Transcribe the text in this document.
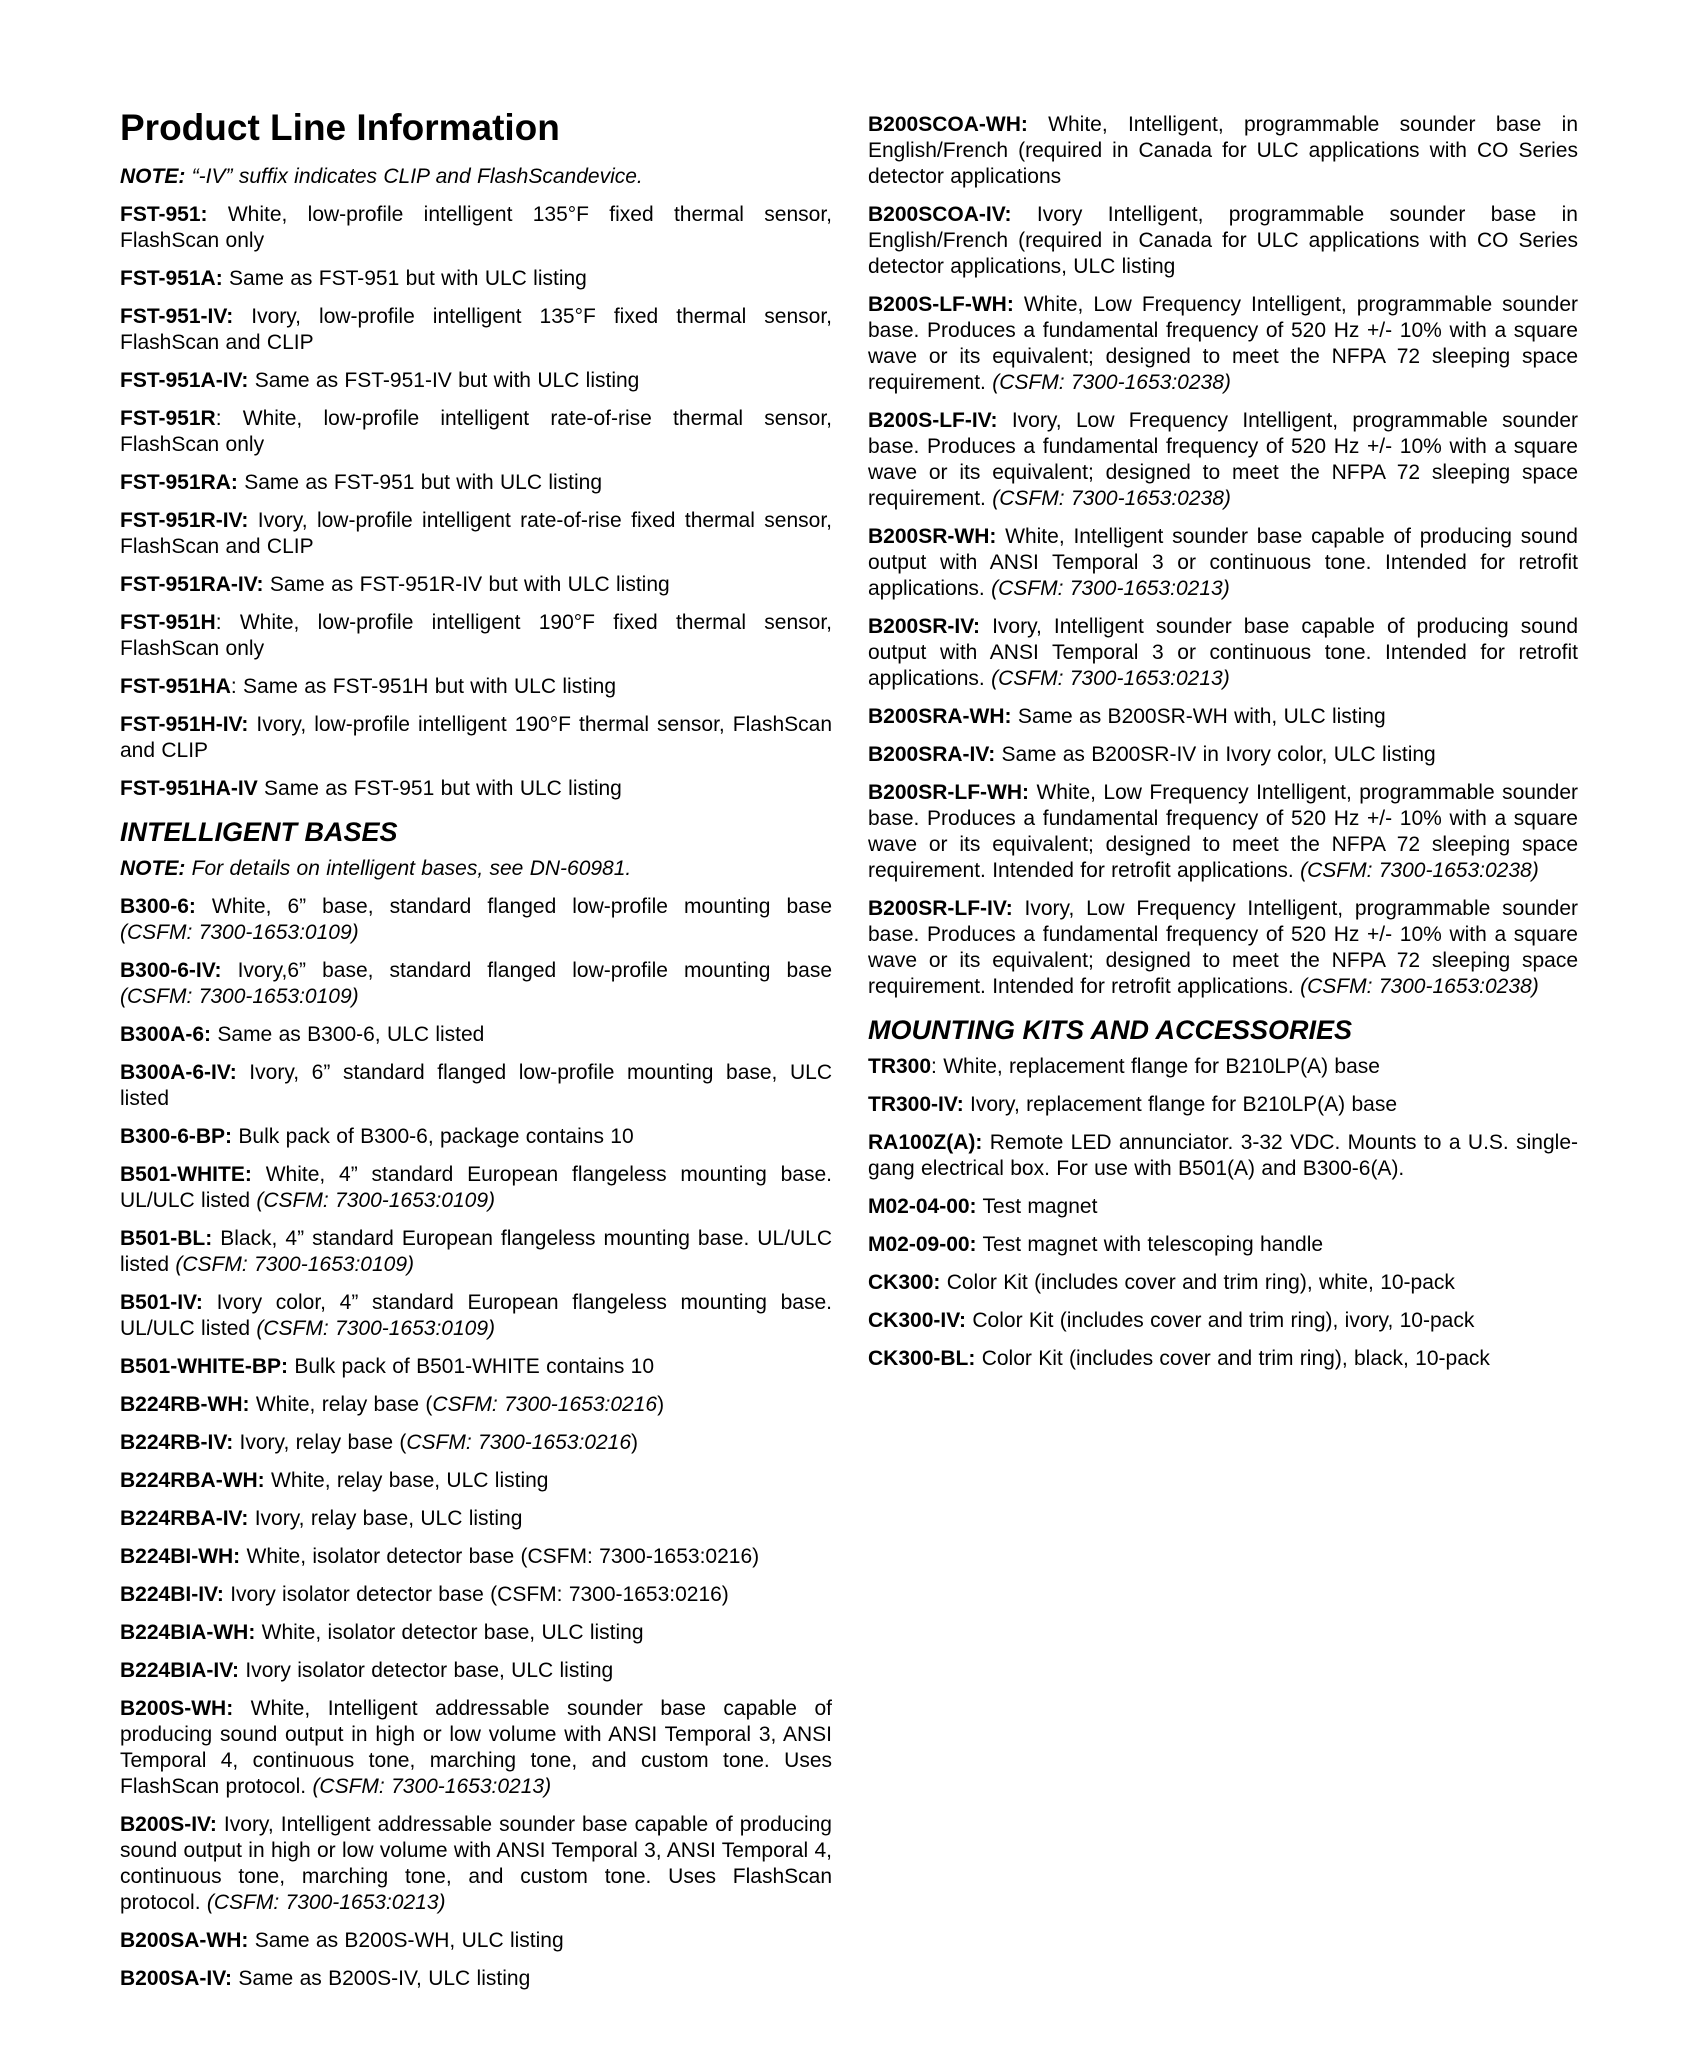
Product Line Information

NOTE: “-IV” suffix indicates CLIP and FlashScandevice.

FST-951: White, low-profile intelligent 135°F fixed thermal sensor, FlashScan only

FST-951A: Same as FST-951 but with ULC listing

FST-951-IV: Ivory, low-profile intelligent 135°F fixed thermal sensor, FlashScan and CLIP

FST-951A-IV: Same as FST-951-IV but with ULC listing

FST-951R: White, low-profile intelligent rate-of-rise thermal sensor, FlashScan only

FST-951RA: Same as FST-951 but with ULC listing

FST-951R-IV: Ivory, low-profile intelligent rate-of-rise fixed thermal sensor, FlashScan and CLIP

FST-951RA-IV: Same as FST-951R-IV but with ULC listing

FST-951H: White, low-profile intelligent 190°F fixed thermal sensor, FlashScan only

FST-951HA: Same as FST-951H but with ULC listing

FST-951H-IV: Ivory, low-profile intelligent 190°F thermal sensor, FlashScan and CLIP

FST-951HA-IV Same as FST-951 but with ULC listing

INTELLIGENT BASES

NOTE: For details on intelligent bases, see DN-60981.

B300-6: White, 6” base, standard flanged low-profile mounting base (CSFM: 7300-1653:0109)

B300-6-IV: Ivory,6” base, standard flanged low-profile mounting base (CSFM: 7300-1653:0109)

B300A-6: Same as B300-6, ULC listed

B300A-6-IV: Ivory, 6” standard flanged low-profile mounting base, ULC listed

B300-6-BP: Bulk pack of B300-6, package contains 10

B501-WHITE: White, 4” standard European flangeless mounting base. UL/ULC listed (CSFM: 7300-1653:0109)

B501-BL: Black, 4” standard European flangeless mounting base. UL/ULC listed (CSFM: 7300-1653:0109)

B501-IV: Ivory color, 4” standard European flangeless mounting base. UL/ULC listed (CSFM: 7300-1653:0109)

B501-WHITE-BP: Bulk pack of B501-WHITE contains 10

B224RB-WH: White, relay base (CSFM: 7300-1653:0216)

B224RB-IV: Ivory, relay base (CSFM: 7300-1653:0216)

B224RBA-WH: White, relay base, ULC listing

B224RBA-IV: Ivory, relay base, ULC listing

B224BI-WH: White, isolator detector base (CSFM: 7300-1653:0216)

B224BI-IV: Ivory isolator detector base (CSFM: 7300-1653:0216)

B224BIA-WH: White, isolator detector base, ULC listing

B224BIA-IV: Ivory isolator detector base, ULC listing

B200S-WH: White, Intelligent addressable sounder base capable of producing sound output in high or low volume with ANSI Temporal 3, ANSI Temporal 4, continuous tone, marching tone, and custom tone. Uses FlashScan protocol. (CSFM: 7300-1653:0213)

B200S-IV: Ivory, Intelligent addressable sounder base capable of producing sound output in high or low volume with ANSI Temporal 3, ANSI Temporal 4, continuous tone, marching tone, and custom tone. Uses FlashScan protocol. (CSFM: 7300-1653:0213)

B200SA-WH: Same as B200S-WH, ULC listing

B200SA-IV: Same as B200S-IV, ULC listing

B200SCOA-WH: White, Intelligent, programmable sounder base in English/French (required in Canada for ULC applications with CO Series detector applications

B200SCOA-IV: Ivory Intelligent, programmable sounder base in English/French (required in Canada for ULC applications with CO Series detector applications, ULC listing

B200S-LF-WH: White, Low Frequency Intelligent, programmable sounder base. Produces a fundamental frequency of 520 Hz +/- 10% with a square wave or its equivalent; designed to meet the NFPA 72 sleeping space requirement. (CSFM: 7300-1653:0238)

B200S-LF-IV: Ivory, Low Frequency Intelligent, programmable sounder base. Produces a fundamental frequency of 520 Hz +/- 10% with a square wave or its equivalent; designed to meet the NFPA 72 sleeping space requirement. (CSFM: 7300-1653:0238)

B200SR-WH: White, Intelligent sounder base capable of producing sound output with ANSI Temporal 3 or continuous tone. Intended for retrofit applications. (CSFM: 7300-1653:0213)

B200SR-IV: Ivory, Intelligent sounder base capable of producing sound output with ANSI Temporal 3 or continuous tone. Intended for retrofit applications. (CSFM: 7300-1653:0213)

B200SRA-WH: Same as B200SR-WH with, ULC listing

B200SRA-IV: Same as B200SR-IV in Ivory color, ULC listing

B200SR-LF-WH: White, Low Frequency Intelligent, programmable sounder base. Produces a fundamental frequency of 520 Hz +/- 10% with a square wave or its equivalent; designed to meet the NFPA 72 sleeping space requirement. Intended for retrofit applications. (CSFM: 7300-1653:0238)

B200SR-LF-IV: Ivory, Low Frequency Intelligent, programmable sounder base. Produces a fundamental frequency of 520 Hz +/- 10% with a square wave or its equivalent; designed to meet the NFPA 72 sleeping space requirement. Intended for retrofit applications. (CSFM: 7300-1653:0238)

MOUNTING KITS AND ACCESSORIES

TR300: White, replacement flange for B210LP(A) base

TR300-IV: Ivory, replacement flange for B210LP(A) base

RA100Z(A): Remote LED annunciator. 3-32 VDC. Mounts to a U.S. single-gang electrical box. For use with B501(A) and B300-6(A).

M02-04-00: Test magnet

M02-09-00: Test magnet with telescoping handle

CK300: Color Kit (includes cover and trim ring), white, 10-pack

CK300-IV: Color Kit (includes cover and trim ring), ivory, 10-pack

CK300-BL: Color Kit (includes cover and trim ring), black, 10-pack
